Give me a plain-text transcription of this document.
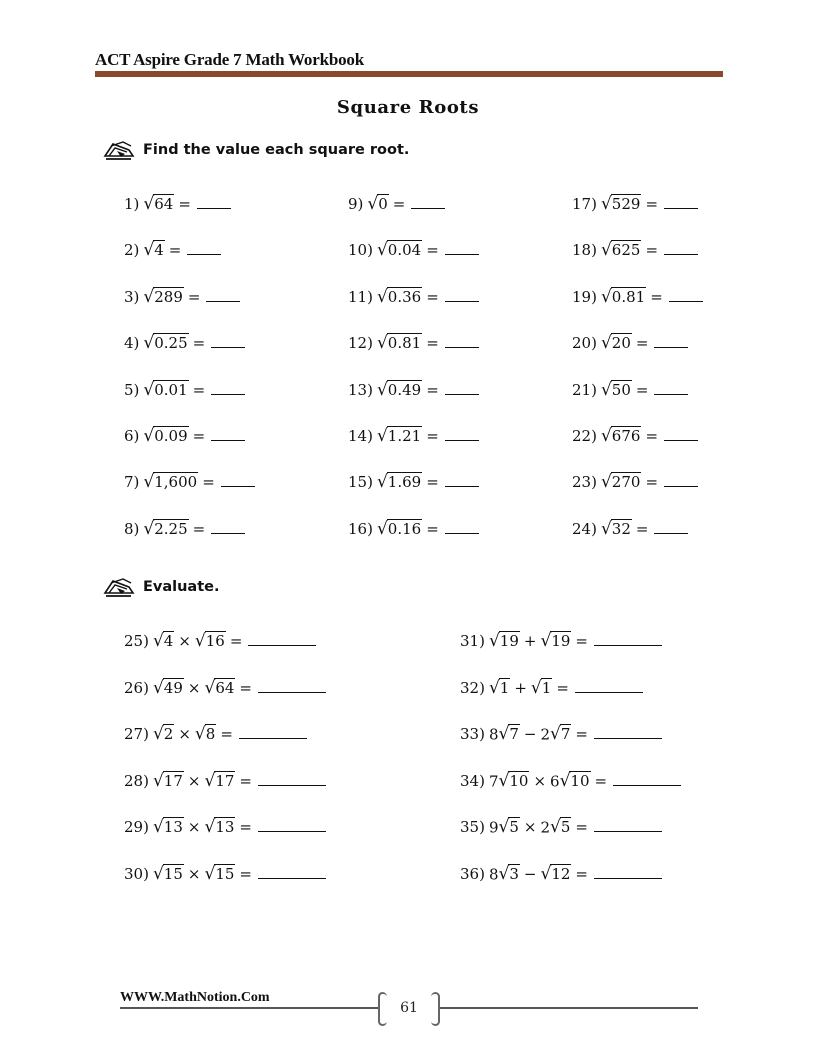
ACT Aspire Grade 7 Math Workbook
Square Roots
Find the value each square root.
1) √ 64 =
2) √ 4 =
3) √ 289 =
4) √ 0.25 =
5) √ 0.01 =
6) √ 0.09 =
7) √ 1,600 =
8) √ 2.25 =
9) √ 0 =
10) √ 0.04 =
11) √ 0.36 =
12) √ 0.81 =
13) √ 0.49 =
14) √ 1.21 =
15) √ 1.69 =
16) √ 0.16 =
17) √ 529 =
18) √ 625 =
19) √ 0.81 =
20) √ 20 =
21) √ 50 =
22) √ 676 =
23) √ 270 =
24) √ 32 =
Evaluate.
25) √ 4 × √ 16 =
26) √ 49 × √ 64 =
27) √ 2 × √ 8 =
28) √ 17 × √ 17 =
29) √ 13 × √ 13 =
30) √ 15 × √ 15 =
31) √ 19 + √ 19 =
32) √ 1 + √ 1 =
33) 8 √ 7 − 2 √ 7 =
34) 7 √ 10 × 6 √ 10 =
35) 9 √ 5 × 2 √ 5 =
36) 8 √ 3 − √ 12 =
WWW.MathNotion.Com
61
